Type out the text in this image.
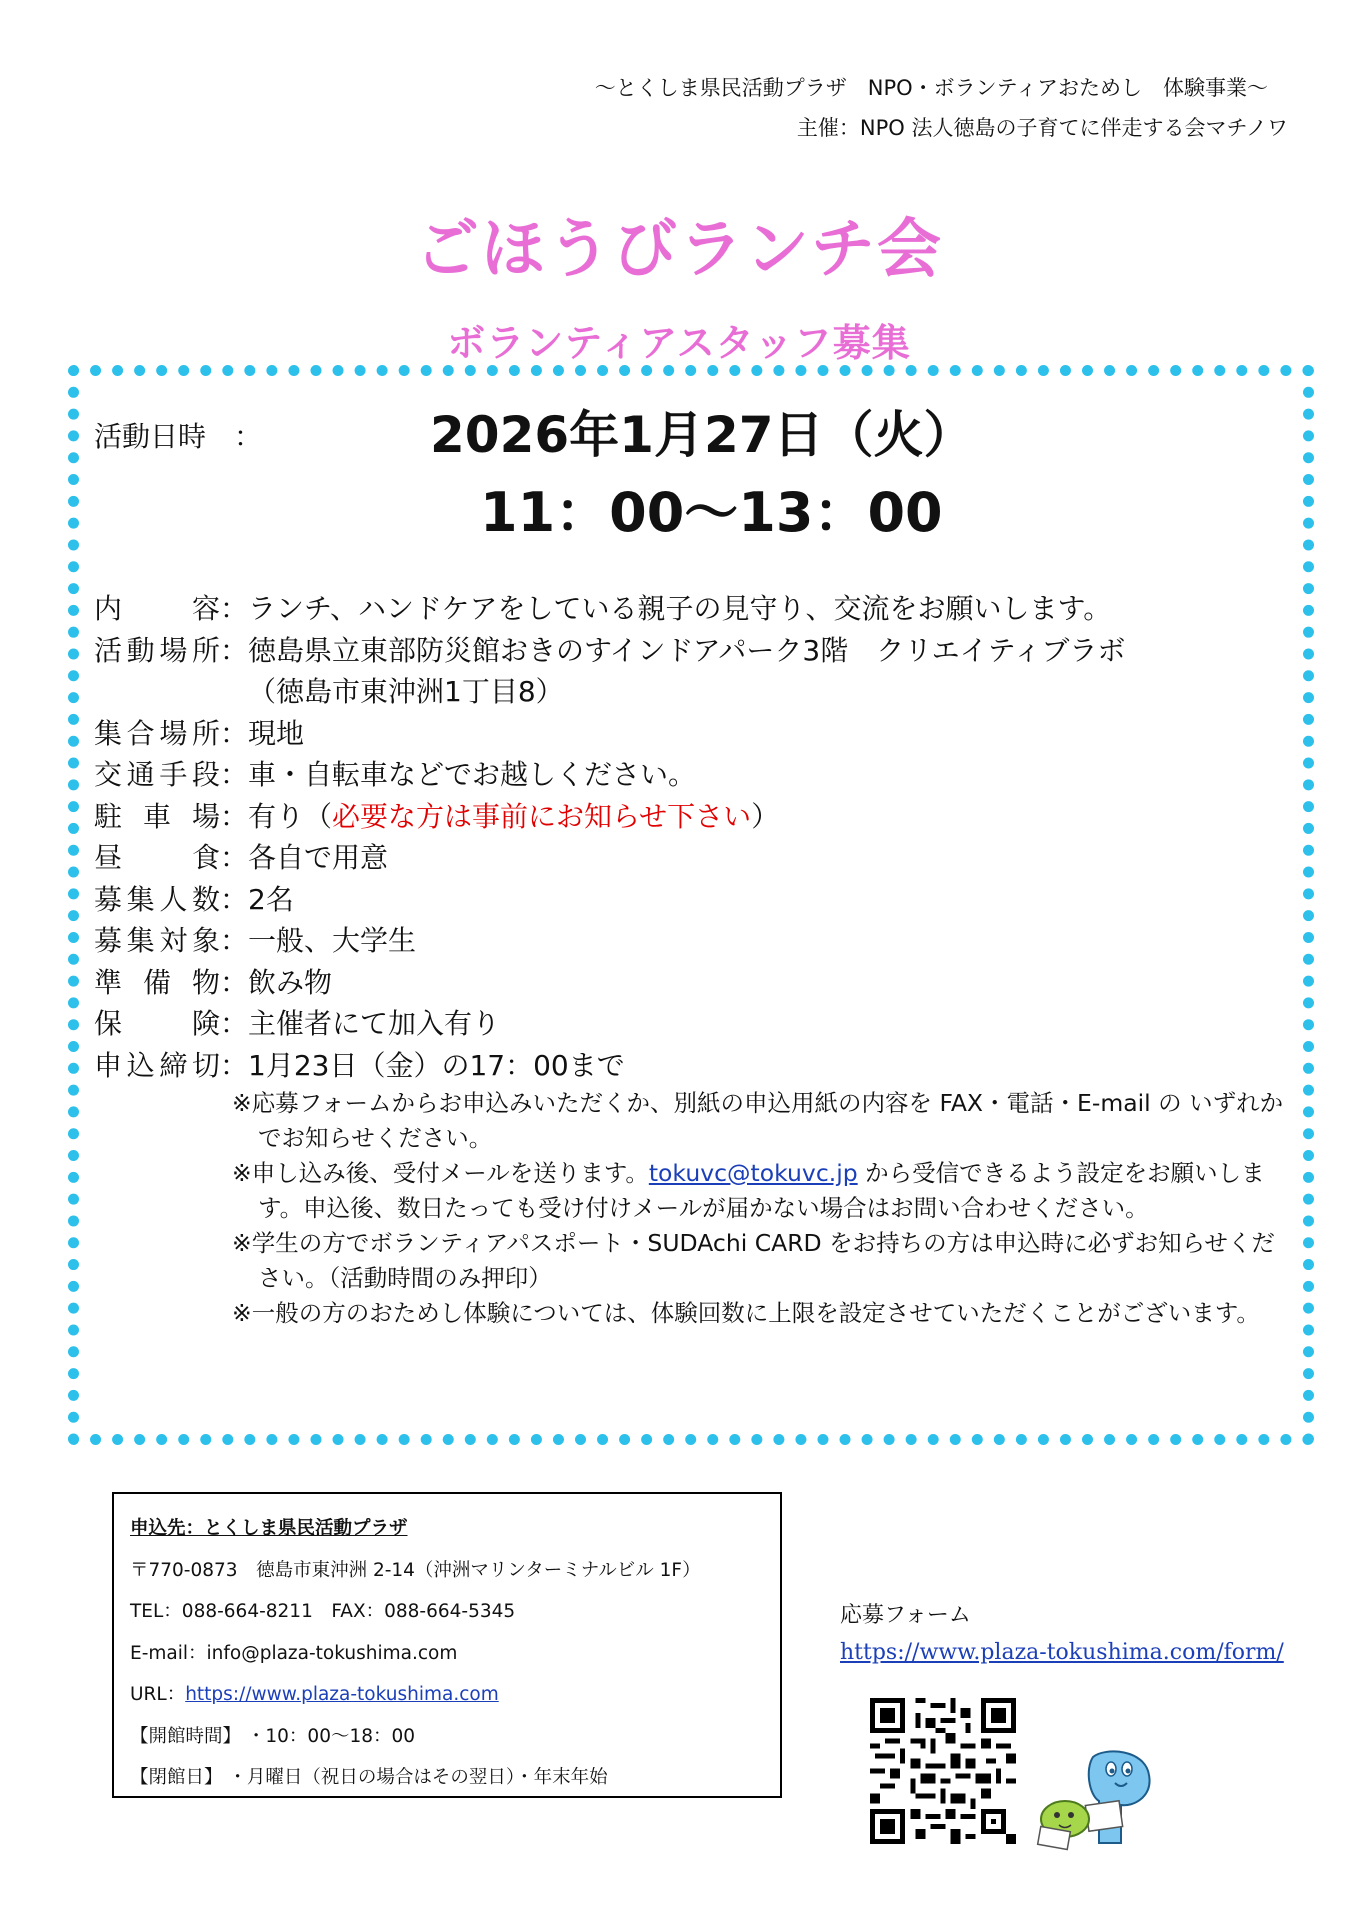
〜とくしま県民活動プラザ　NPO・ボランティアおためし　体験事業〜
主催：NPO 法人徳島の子育てに伴走する会マチノワ
ごほうびランチ会
ボランティアスタッフ募集
活動日時　：	2026年1月27日（火）
11：00〜13：00
内容 ： ランチ、ハンドケアをしている親子の見守り、交流をお願いします。
活動場所 ： 徳島県立東部防災館おきのすインドアパーク3階　クリエイティブラボ
（徳島市東沖洲1丁目8）
集合場所 ： 現地
交通手段 ： 車・自転車などでお越しください。
駐車場 ： 有り（必要な方は事前にお知らせ下さい）
昼食 ： 各自で用意
募集人数 ： 2名
募集対象 ： 一般、大学生
準備物 ： 飲み物
保険 ： 主催者にて加入有り
申込締切 ： 1月23日（金）の17：00まで
※応募フォームからお申込みいただくか、別紙の申込用紙の内容を FAX・電話・E-mail の いずれかでお知らせください。
※申し込み後、受付メールを送ります。tokuvc@tokuvc.jp から受信できるよう設定をお願いします。申込後、数日たっても受け付けメールが届かない場合はお問い合わせください。
※学生の方でボランティアパスポート・SUDAchi CARD をお持ちの方は申込時に必ずお知らせください。（活動時間のみ押印）
※一般の方のおためし体験については、体験回数に上限を設定させていただくことがございます。
申込先：とくしま県民活動プラザ
〒770-0873　徳島市東沖洲 2-14（沖洲マリンターミナルビル 1F）
TEL：088-664-8211　FAX：088-664-5345
E-mail：info@plaza-tokushima.com
URL：https://www.plaza-tokushima.com
【開館時間】 ・10：00〜18：00
【閉館日】 ・月曜日（祝日の場合はその翌日）・年末年始
応募フォーム
https://www.plaza-tokushima.com/form/
